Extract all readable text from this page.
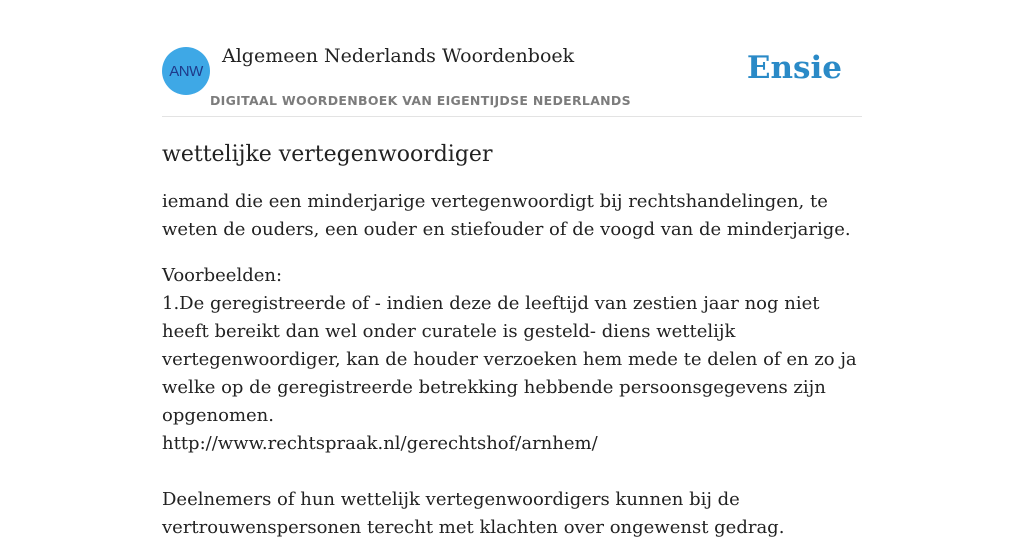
ANW
Algemeen Nederlands Woordenboek
DIGITAAL WOORDENBOEK VAN EIGENTIJDSE NEDERLANDS
Ensie
wettelijke vertegenwoordiger

iemand die een minderjarige vertegenwoordigt bij rechtshandelingen, te weten de ouders, een ouder en stiefouder of de voogd van de minderjarige.

Voorbeelden:
1.De geregistreerde of - indien deze de leeftijd van zestien jaar nog niet heeft bereikt dan wel onder curatele is gesteld- diens wettelijk vertegenwoordiger, kan de houder verzoeken hem mede te delen of en zo ja welke op de geregistreerde betrekking hebbende persoonsgegevens zijn opgenomen.
http://www.rechtspraak.nl/gerechtshof/arnhem/
Deelnemers of hun wettelijk vertegenwoordigers kunnen bij de vertrouwenspersonen terecht met klachten over ongewenst gedrag.
